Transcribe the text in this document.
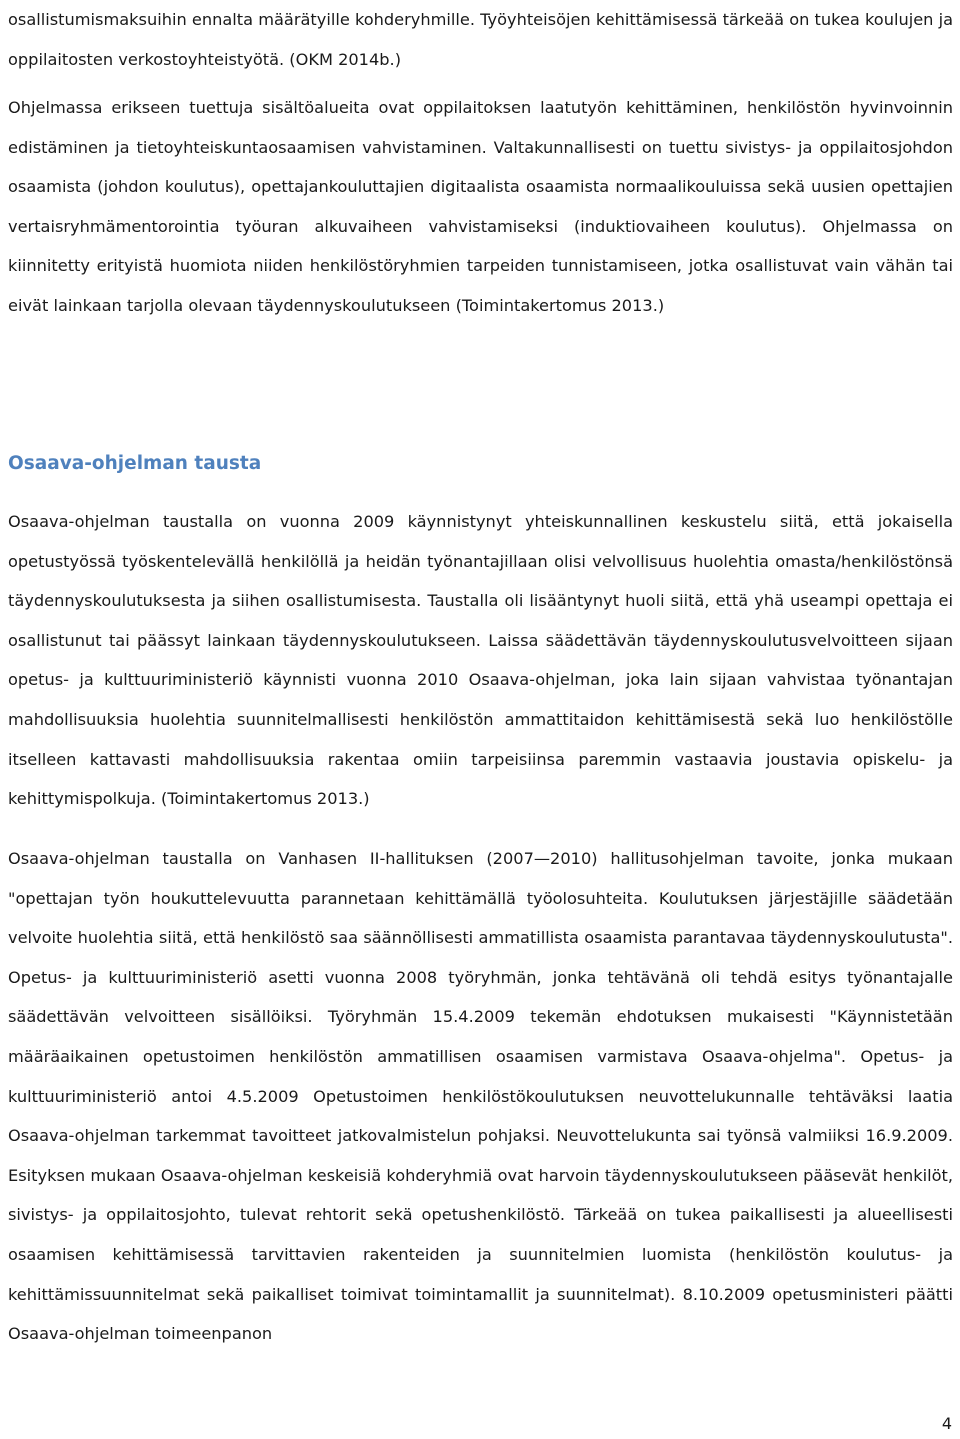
osallistumismaksuihin ennalta määrätyille kohderyhmille. Työyhteisöjen kehittämisessä tärkeää on tukea koulujen ja oppilaitosten verkostoyhteistyötä. (OKM 2014b.)

Ohjelmassa erikseen tuettuja sisältöalueita ovat oppilaitoksen laatutyön kehittäminen, henkilöstön hyvinvoinnin edistäminen ja tietoyhteiskuntaosaamisen vahvistaminen. Valtakunnallisesti on tuettu sivistys- ja oppilaitosjohdon osaamista (johdon koulutus), opettajankouluttajien digitaalista osaamista normaalikouluissa sekä uusien opettajien vertaisryhmämentorointia työuran alkuvaiheen vahvistamiseksi (induktiovaiheen koulutus). Ohjelmassa on kiinnitetty erityistä huomiota niiden henkilöstöryhmien tarpeiden tunnistamiseen, jotka osallistuvat vain vähän tai eivät lainkaan tarjolla olevaan täydennyskoulutukseen (Toimintakertomus 2013.)

Osaava-ohjelman tausta

Osaava-ohjelman taustalla on vuonna 2009 käynnistynyt yhteiskunnallinen keskustelu siitä, että jokaisella opetustyössä työskentelevällä henkilöllä ja heidän työnantajillaan olisi velvollisuus huolehtia omasta/henkilöstönsä täydennyskoulutuksesta ja siihen osallistumisesta. Taustalla oli lisääntynyt huoli siitä, että yhä useampi opettaja ei osallistunut tai päässyt lainkaan täydennyskoulutukseen. Laissa säädettävän täydennyskoulutusvelvoitteen sijaan opetus- ja kulttuuriministeriö käynnisti vuonna 2010 Osaava-ohjelman, joka lain sijaan vahvistaa työnantajan mahdollisuuksia huolehtia suunnitelmallisesti henkilöstön ammattitaidon kehittämisestä sekä luo henkilöstölle itselleen kattavasti mahdollisuuksia rakentaa omiin tarpeisiinsa paremmin vastaavia joustavia opiskelu- ja kehittymispolkuja. (Toimintakertomus 2013.)

Osaava-ohjelman taustalla on Vanhasen II-hallituksen (2007—2010) hallitusohjelman tavoite, jonka mukaan "opettajan työn houkuttelevuutta parannetaan kehittämällä työolosuhteita. Koulutuksen järjestäjille säädetään velvoite huolehtia siitä, että henkilöstö saa säännöllisesti ammatillista osaamista parantavaa täydennyskoulutusta". Opetus- ja kulttuuriministeriö asetti vuonna 2008 työryhmän, jonka tehtävänä oli tehdä esitys työnantajalle säädettävän velvoitteen sisällöiksi. Työryhmän 15.4.2009 tekemän ehdotuksen mukaisesti "Käynnistetään määräaikainen opetustoimen henkilöstön ammatillisen osaamisen varmistava Osaava-ohjelma". Opetus- ja kulttuuriministeriö antoi 4.5.2009 Opetustoimen henkilöstökoulutuksen neuvottelukunnalle tehtäväksi laatia Osaava-ohjelman tarkemmat tavoitteet jatkovalmistelun pohjaksi. Neuvottelukunta sai työnsä valmiiksi 16.9.2009. Esityksen mukaan Osaava-ohjelman keskeisiä kohderyhmiä ovat harvoin täydennyskoulutukseen pääsevät henkilöt, sivistys- ja oppilaitosjohto, tulevat rehtorit sekä opetushenkilöstö. Tärkeää on tukea paikallisesti ja alueellisesti osaamisen kehittämisessä tarvittavien rakenteiden ja suunnitelmien luomista (henkilöstön koulutus- ja kehittämissuunnitelmat sekä paikalliset toimivat toimintamallit ja suunnitelmat). 8.10.2009 opetusministeri päätti Osaava-ohjelman toimeenpanon

4
